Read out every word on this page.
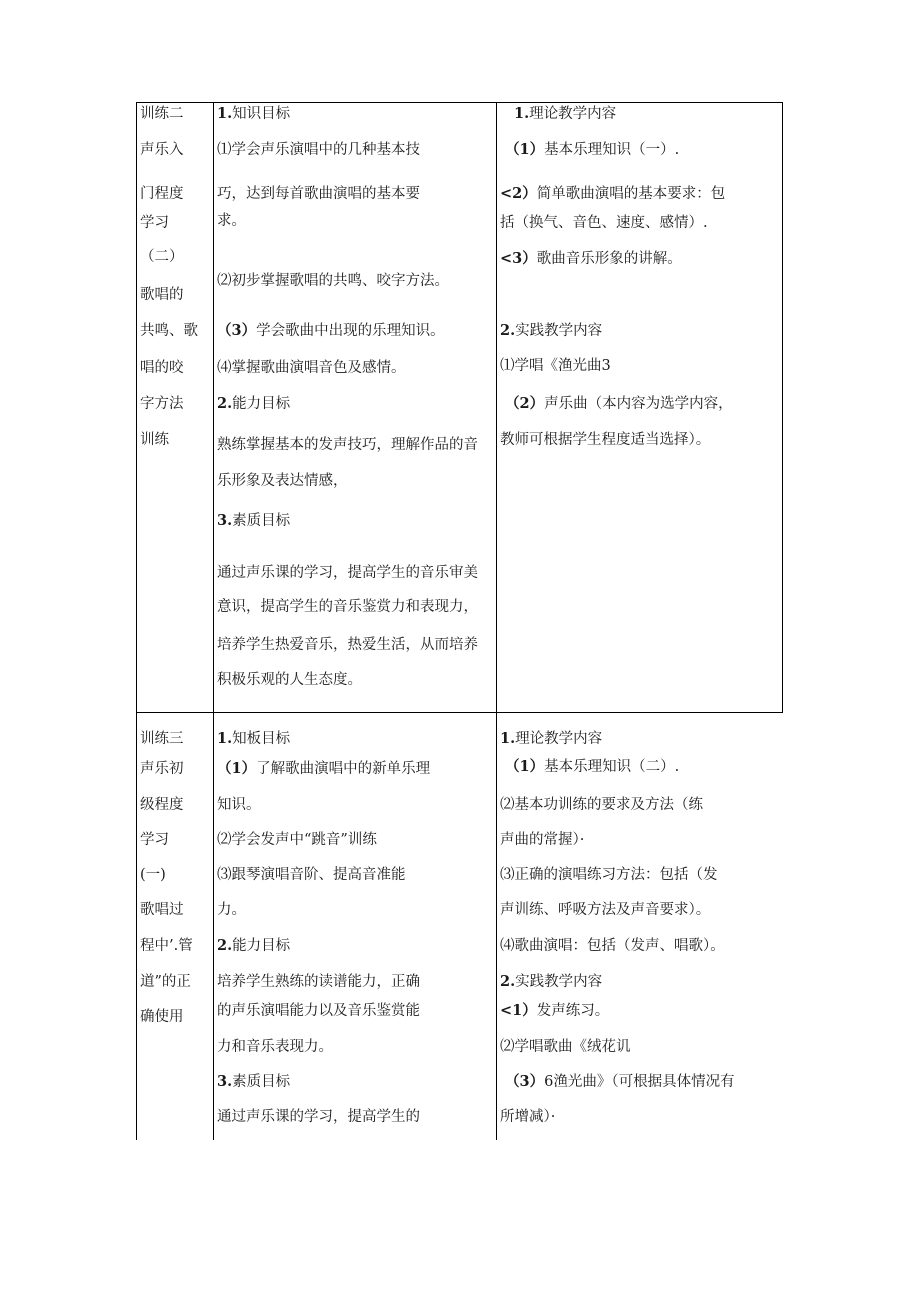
训练二
声乐入
门程度
学习
（二）
歌唱的
共鸣、歌
唱的咬
字方法
训练
1.知识目标
⑴学会声乐演唱中的几种基本技
巧，达到每首歌曲演唱的基本要
求。
⑵初步掌握歌唱的共鸣、咬字方法。
（3）学会歌曲中出现的乐理知识。
⑷掌握歌曲演唱音色及感情。
2.能力目标
熟练掌握基本的发声技巧，理解作品的音
乐形象及表达情感，
3.素质目标
通过声乐课的学习，提高学生的音乐审美
意识，提高学生的音乐鉴赏力和表现力，
培养学生热爱音乐，热爱生活，从而培养
积极乐观的人生态度。
1.理论教学内容
（1）基本乐理知识（一）.
<2）简单歌曲演唱的基本要求：包
括（换气、音色、速度、感情）.
<3）歌曲音乐形象的讲解。
2.实践教学内容
⑴学唱《渔光曲3
（2）声乐曲（本内容为选学内容，
教师可根据学生程度适当选择）。
训练三
声乐初
级程度
学习
(一)
歌唱过
程中’.管
道”的正
确使用
1.知板目标
（1）了解歌曲演唱中的新单乐理
知识。
⑵学会发声中“跳音”训练
⑶跟琴演唱音阶、提高音准能
力。
2.能力目标
培养学生熟练的读谱能力，正确
的声乐演唱能力以及音乐鉴赏能
力和音乐表现力。
3.素质目标
通过声乐课的学习，提高学生的
1.理论教学内容
（1）基本乐理知识（二）.
⑵基本功训练的要求及方法（练
声曲的常握）·
⑶正确的演唱练习方法：包括（发
声训练、呼吸方法及声音要求）。
⑷歌曲演唱：包括（发声、唱歌）。
2.实践教学内容
<1）发声练习。
⑵学唱歌曲《绒花讥
（3）6渔光曲》（可根据具体情况有
所增减）·
